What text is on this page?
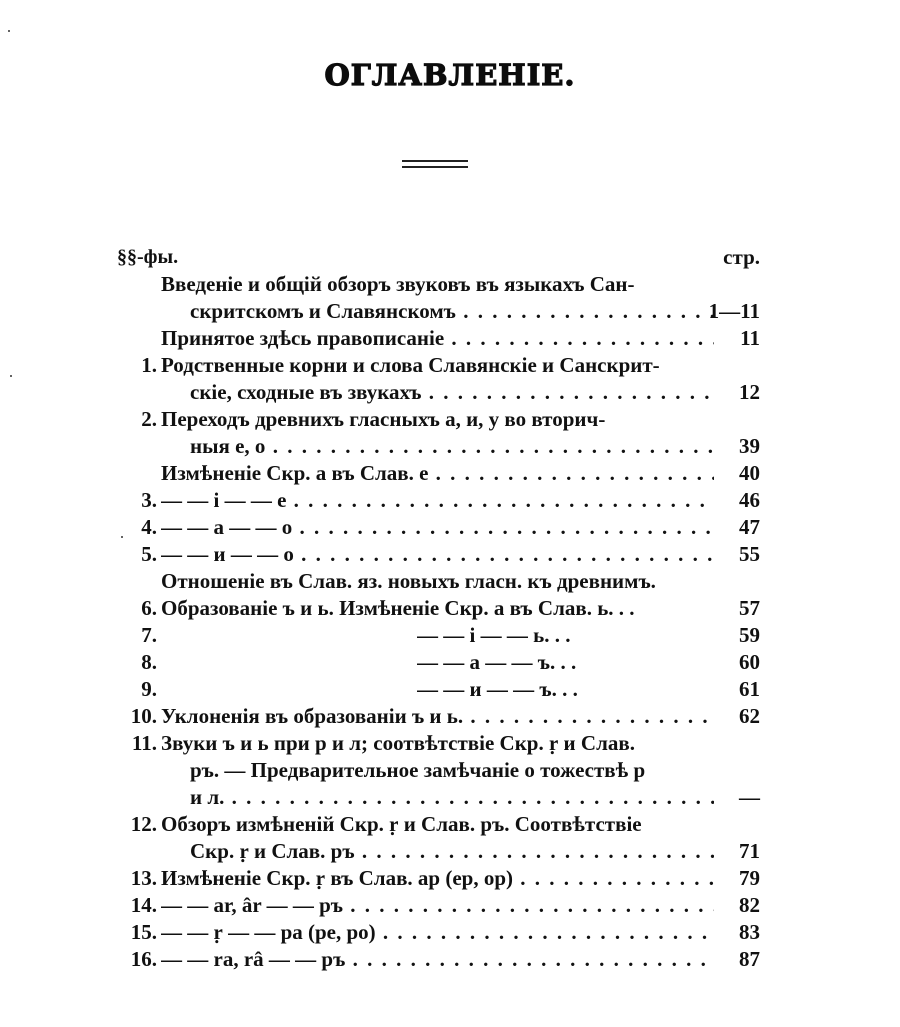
ОГЛАВЛЕНІЕ.
§§-фы.	стр.
Введеніе и общій обзоръ звуковъ въ языкахъ Сан-
скритскомъ и Славянскомъ . . .	1—11
Принятое здѣсь правописаніе . . .	11
1. Родственные корни и слова Славянскіе и Санскрит-
скіе, сходные въ звукахъ . . .	12
2. Переходъ древнихъ гласныхъ а, и, у во вторич-
ныя е, о . . .	39
Измѣненіе Скр. а въ Слав. е . . .	40
3. — — i — — е . . .	46
4. — — а — — о . . .	47
5. — — и — — о . . .	55
Отношеніе въ Слав. яз. новыхъ гласн. къ древнимъ.
6. Образованіе ъ и ь. Измѣненіе Скр. а въ Слав. ь. . .	57
7.	— — i — — ь. . .	59
8.	— — а — — ъ. . .	60
9.	— — и — — ъ. . .	61
10. Уклоненія въ образованіи ъ и ь. . . .	62
11. Звуки ъ и ь при р и л; соотвѣтствіе Скр. ṛ и Слав.
ръ. — Предварительное замѣчаніе о тожествѣ р
и л. . . .	—
12. Обзоръ измѣненій Скр. ṛ и Слав. ръ. Соотвѣтствіе
Скр. ṛ и Слав. ръ . . .	71
13. Измѣненіе Скр. ṛ въ Слав. ар (ер, ор) . . .	79
14. — — ar, âr — — ръ . . .	82
15. — — ṛ — — ра (ре, ро) . . .	83
16. — — ra, râ — — ръ . . .	87
